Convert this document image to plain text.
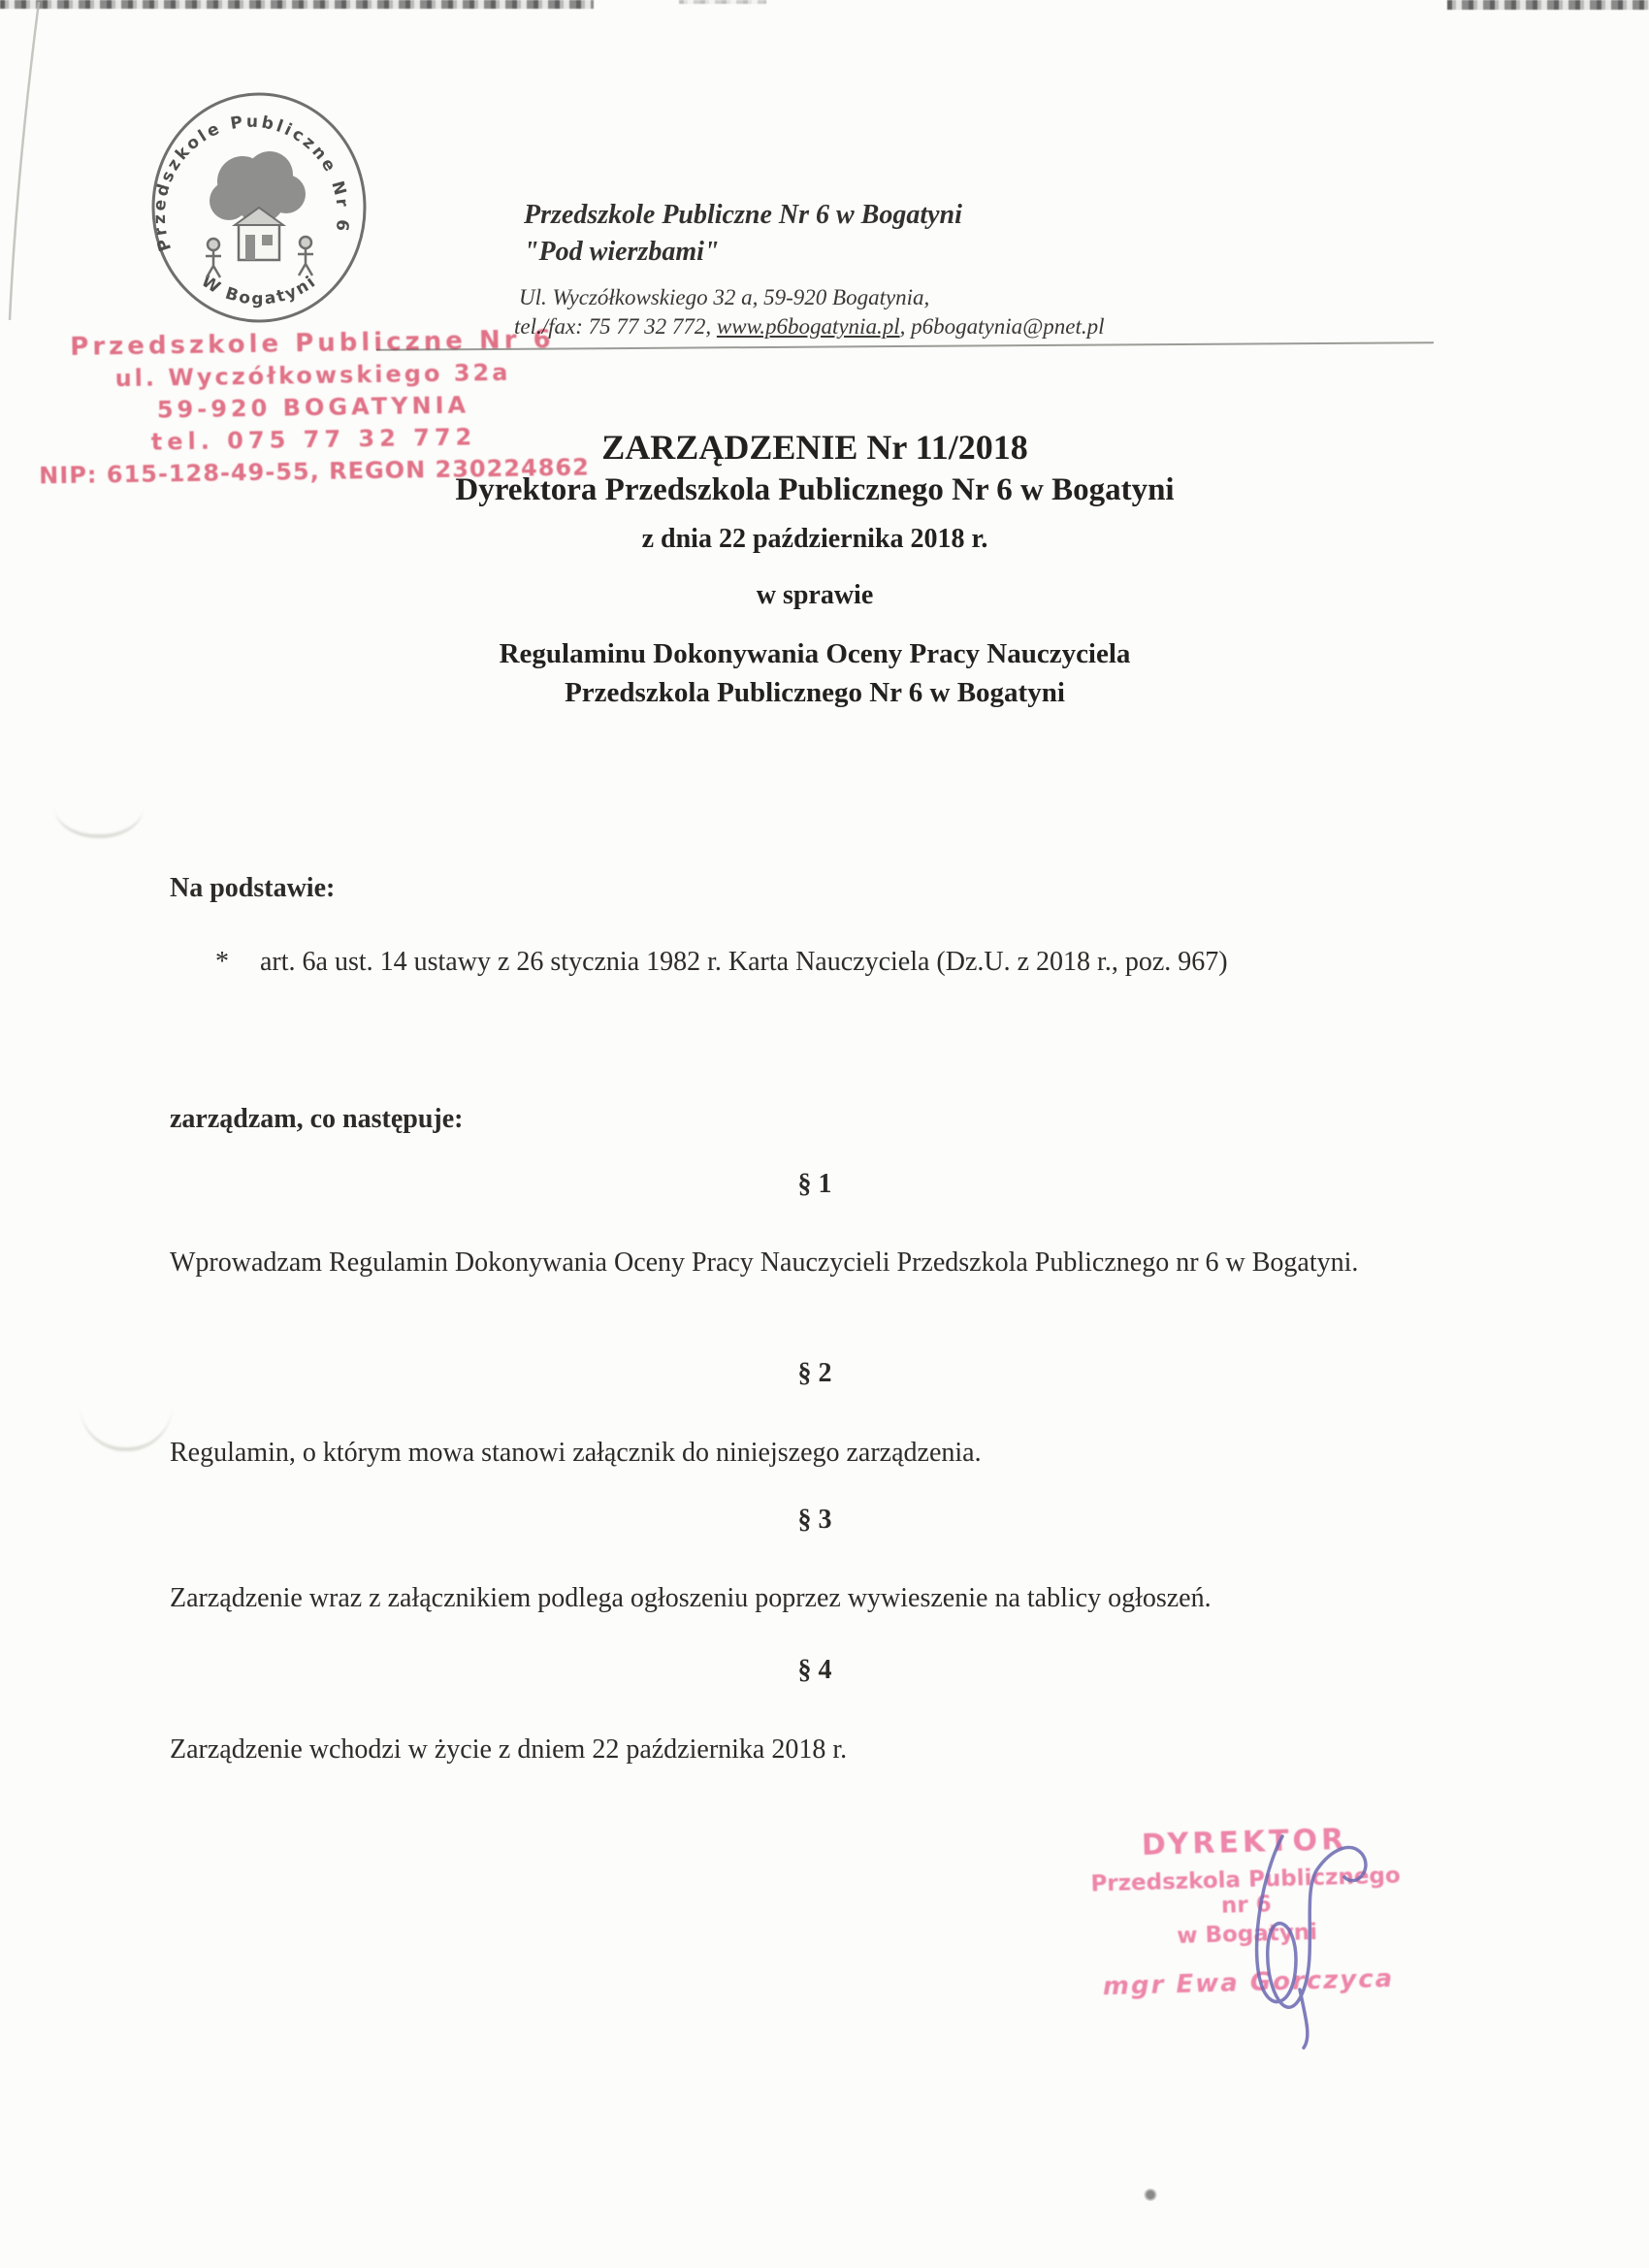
Przedszkole Publiczne Nr 6
W Bogatyni
Przedszkole Publiczne Nr 6 w Bogatyni
"Pod wierzbami"
Ul. Wyczółkowskiego 32 a, 59-920 Bogatynia,
tel./fax: 75 77 32 772, www.p6bogatynia.pl, p6bogatynia@pnet.pl
Przedszkole Publiczne Nr 6
ul. Wyczółkowskiego 32a
59-920 BOGATYNIA
tel. 075 77 32 772
NIP: 615-128-49-55, REGON 230224862
ZARZĄDZENIE Nr 11/2018
Dyrektora Przedszkola Publicznego Nr 6 w Bogatyni
z dnia 22 października 2018 r.
w sprawie
Regulaminu Dokonywania Oceny Pracy Nauczyciela
Przedszkola Publicznego Nr 6 w Bogatyni
Na podstawie:
* art. 6a ust. 14 ustawy z 26 stycznia 1982 r. Karta Nauczyciela (Dz.U. z 2018 r., poz. 967)
zarządzam, co następuje:
§ 1
Wprowadzam Regulamin Dokonywania Oceny Pracy Nauczycieli Przedszkola Publicznego nr 6 w Bogatyni.
§ 2
Regulamin, o którym mowa stanowi załącznik do niniejszego zarządzenia.
§ 3
Zarządzenie wraz z załącznikiem podlega ogłoszeniu poprzez wywieszenie na tablicy ogłoszeń.
§ 4
Zarządzenie wchodzi w życie z dniem 22 października 2018 r.
DYREKTOR
Przedszkola Publicznego nr 6
w Bogatyni
mgr Ewa Gorczyca
